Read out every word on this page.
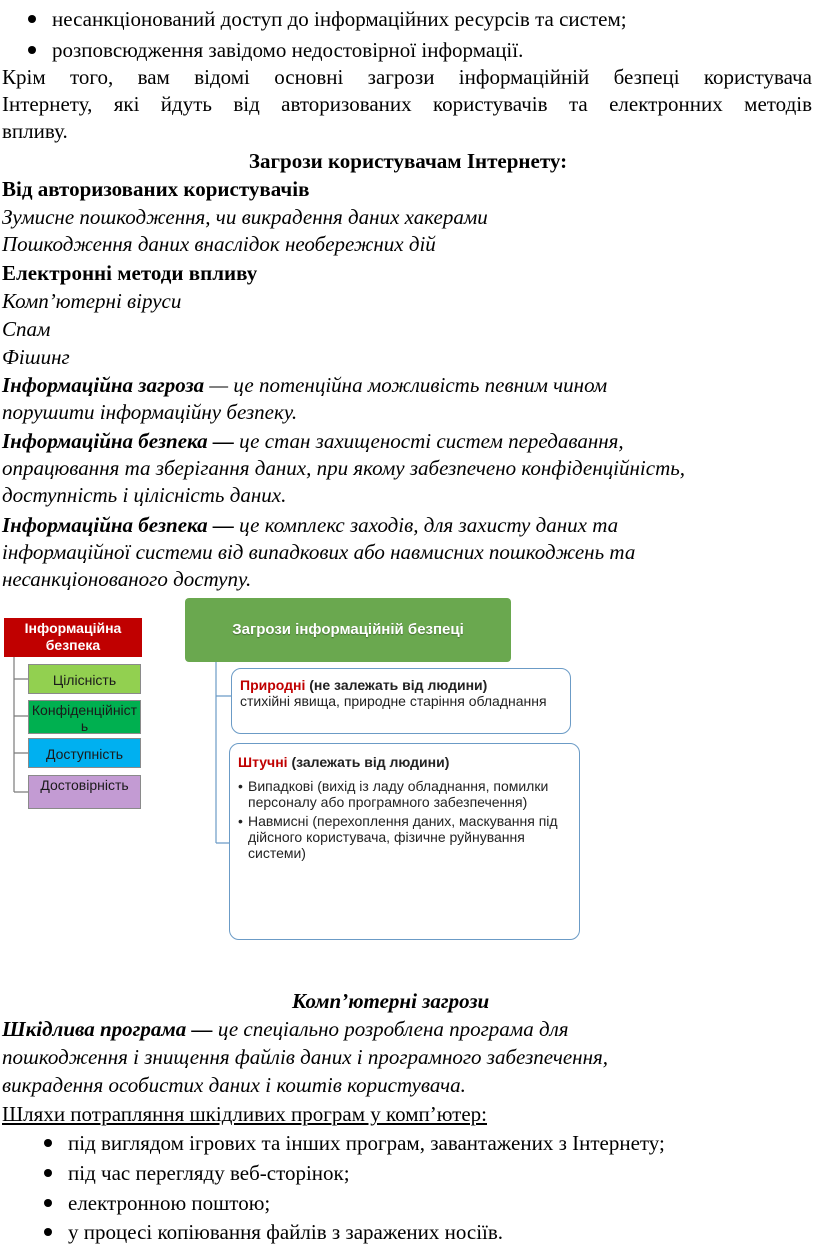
несанкціонований доступ до інформаційних ресурсів та систем;
розповсюдження завідомо недостовірної інформації.
Крім того, вам відомі основні загрози інформаційній безпеці користувача
Інтернету, які йдуть від авторизованих користувачів та електронних методів
впливу.
Загрози користувачам Інтернету:
Від авторизованих користувачів
Зумисне пошкодження, чи викрадення даних хакерами
Пошкодження даних внаслідок необережних дій
Електронні методи впливу
Комп’ютерні віруси
Спам
Фішинг
Інформаційна загроза — це потенційна можливість певним чином
порушити інформаційну безпеку.
Інформаційна безпека — це стан захищеності систем передавання,
опрацювання та зберігання даних, при якому забезпечено конфіденційність,
доступність і цілісність даних.
Інформаційна безпека — це комплекс заходів, для захисту даних та
інформаційної системи від випадкових або навмисних пошкоджень та
несанкціонованого доступу.
Інформаційна безпека
Цілісність
Конфіденційність
Доступність
Достовірність
Загрози інформаційній безпеці
Природні (не залежать від людини)
стихійні явища, природне старіння обладнання
Штучні (залежать від людини)
• Випадкові (вихід із ладу обладнання, помилки персоналу або програмного забезпечення)
• Навмисні (перехоплення даних, маскування під дійсного користувача, фізичне руйнування системи)
Комп’ютерні загрози
Шкідлива програма — це спеціально розроблена програма для
пошкодження і знищення файлів даних і програмного забезпечення,
викрадення особистих даних і коштів користувача.
Шляхи потрапляння шкідливих програм у комп’ютер:
під виглядом ігрових та інших програм, завантажених з Інтернету;
під час перегляду веб-сторінок;
електронною поштою;
у процесі копіювання файлів з заражених носіїв.
